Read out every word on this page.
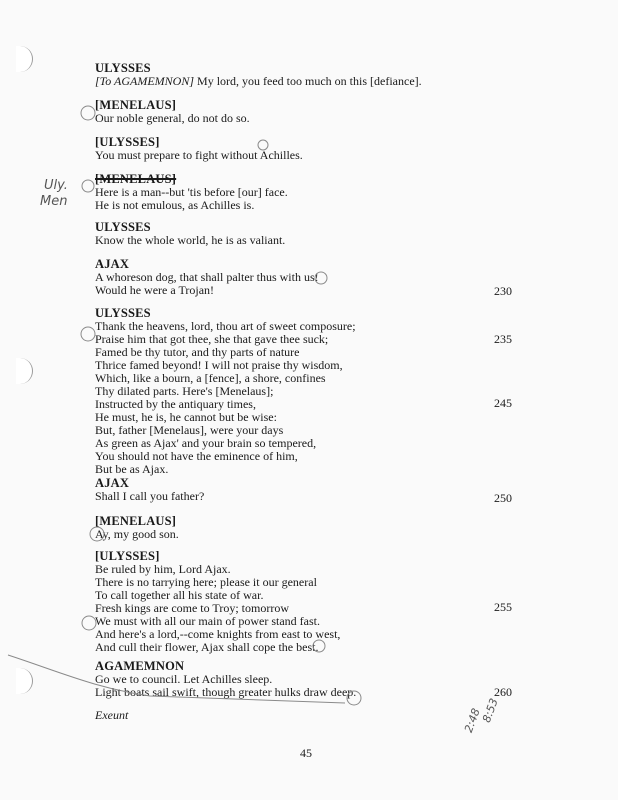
ULYSSES
[To AGAMEMNON] My lord, you feed too much on this [defiance].
[MENELAUS]
Our noble general, do not do so.
[ULYSSES]
You must prepare to fight without Achilles.
[MENELAUS]
Here is a man--but 'tis before [our] face.
He is not emulous, as Achilles is.
ULYSSES
Know the whole world, he is as valiant.
AJAX
A whoreson dog, that shall palter thus with us!
Would he were a Trojan!
ULYSSES
Thank the heavens, lord, thou art of sweet composure;
Praise him that got thee, she that gave thee suck;
Famed be thy tutor, and thy parts of nature
Thrice famed beyond! I will not praise thy wisdom,
Which, like a bourn, a [fence], a shore, confines
Thy dilated parts. Here's [Menelaus];
Instructed by the antiquary times,
He must, he is, he cannot but be wise:
But, father [Menelaus], were your days
As green as Ajax' and your brain so tempered,
You should not have the eminence of him,
But be as Ajax.
AJAX
Shall I call you father?
[MENELAUS]
Ay, my good son.
[ULYSSES]
Be ruled by him, Lord Ajax.
There is no tarrying here; please it our general
To call together all his state of war.
Fresh kings are come to Troy; tomorrow
We must with all our main of power stand fast.
And here's a lord,--come knights from east to west,
And cull their flower, Ajax shall cope the best.
AGAMEMNON
Go we to council. Let Achilles sleep.
Light boats sail swift, though greater hulks draw deep.
230
235
245
250
255
260
Exeunt
45
Uly.
Men
8:53
2:48
